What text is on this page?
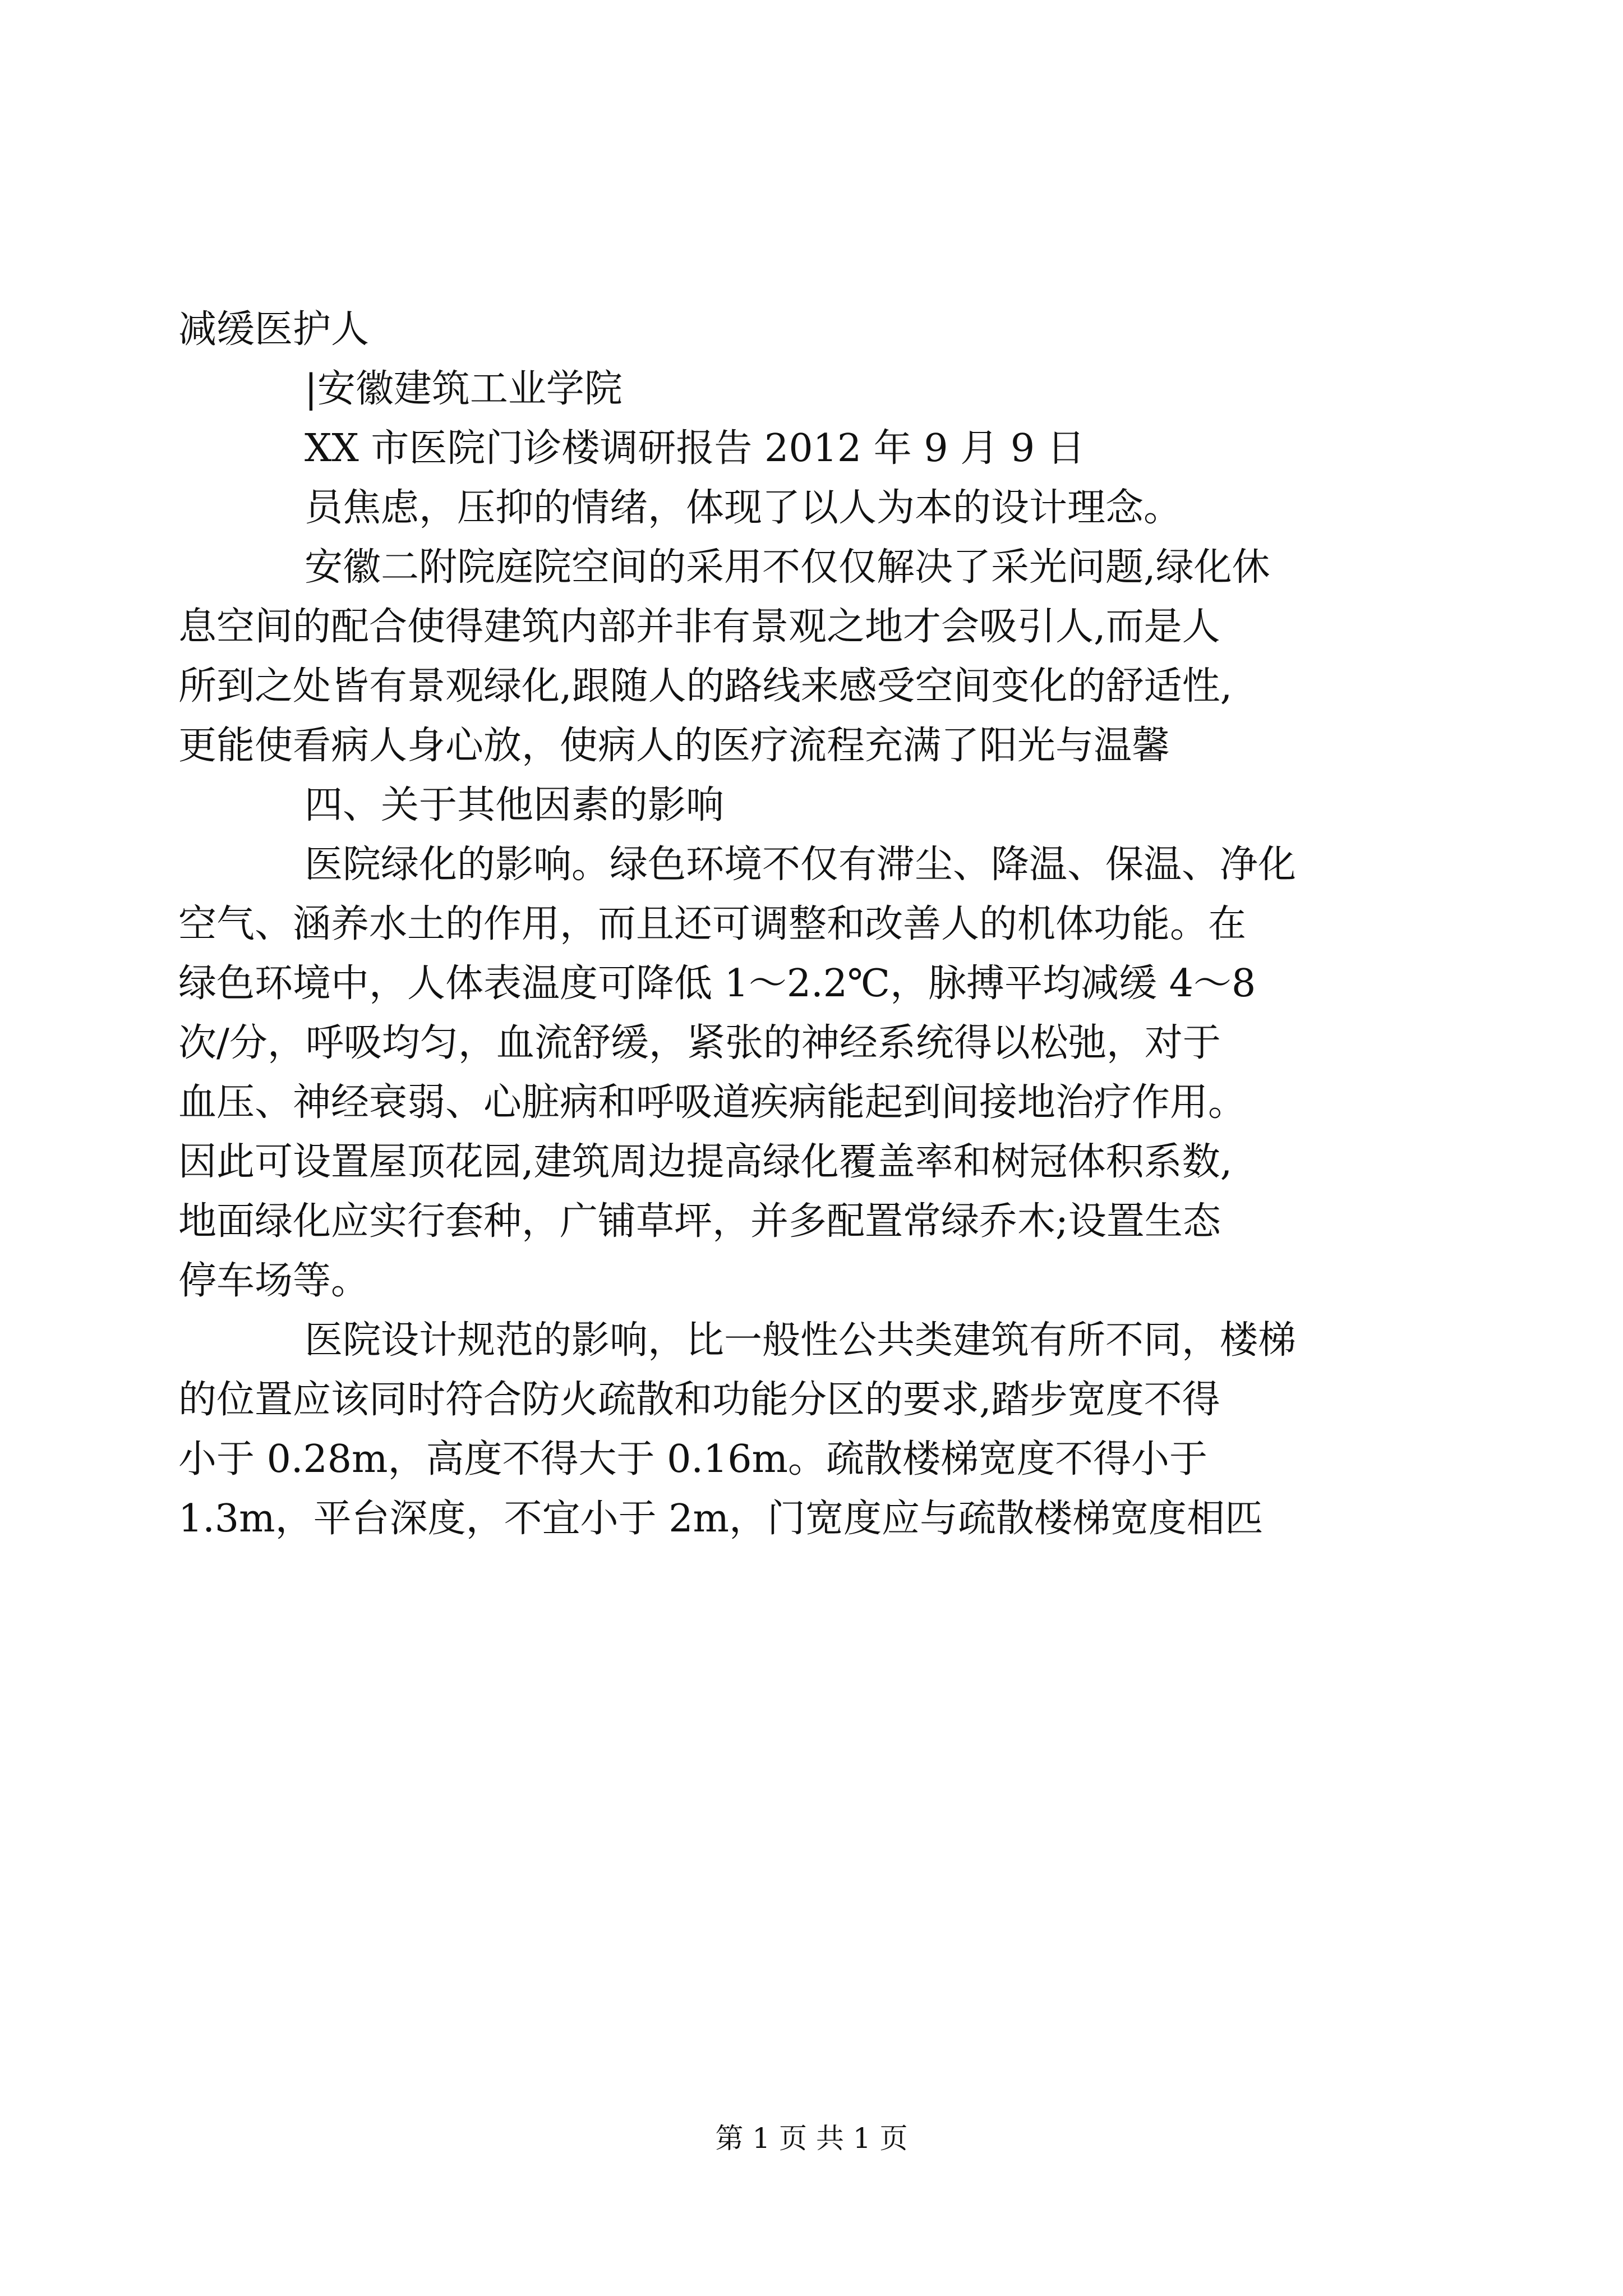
减缓医护人

|安徽建筑工业学院

XX 市医院门诊楼调研报告 2012 年 9 月 9 日

员焦虑，压抑的情绪，体现了以人为本的设计理念。

安徽二附院庭院空间的采用不仅仅解决了采光问题,绿化休

息空间的配合使得建筑内部并非有景观之地才会吸引人,而是人

所到之处皆有景观绿化,跟随人的路线来感受空间变化的舒适性,

更能使看病人身心放，使病人的医疗流程充满了阳光与温馨

四、关于其他因素的影响

医院绿化的影响。绿色环境不仅有滞尘、降温、保温、净化

空气、涵养水土的作用，而且还可调整和改善人的机体功能。在

绿色环境中，人体表温度可降低 1～2.2℃，脉搏平均减缓 4～8

次/分，呼吸均匀，血流舒缓，紧张的神经系统得以松弛，对于

血压、神经衰弱、心脏病和呼吸道疾病能起到间接地治疗作用。

因此可设置屋顶花园,建筑周边提高绿化覆盖率和树冠体积系数,

地面绿化应实行套种，广铺草坪，并多配置常绿乔木;设置生态

停车场等。

医院设计规范的影响，比一般性公共类建筑有所不同，楼梯

的位置应该同时符合防火疏散和功能分区的要求,踏步宽度不得

小于 0.28m，高度不得大于 0.16m。疏散楼梯宽度不得小于

1.3m，平台深度，不宜小于 2m，门宽度应与疏散楼梯宽度相匹

第 1 页 共 1 页
